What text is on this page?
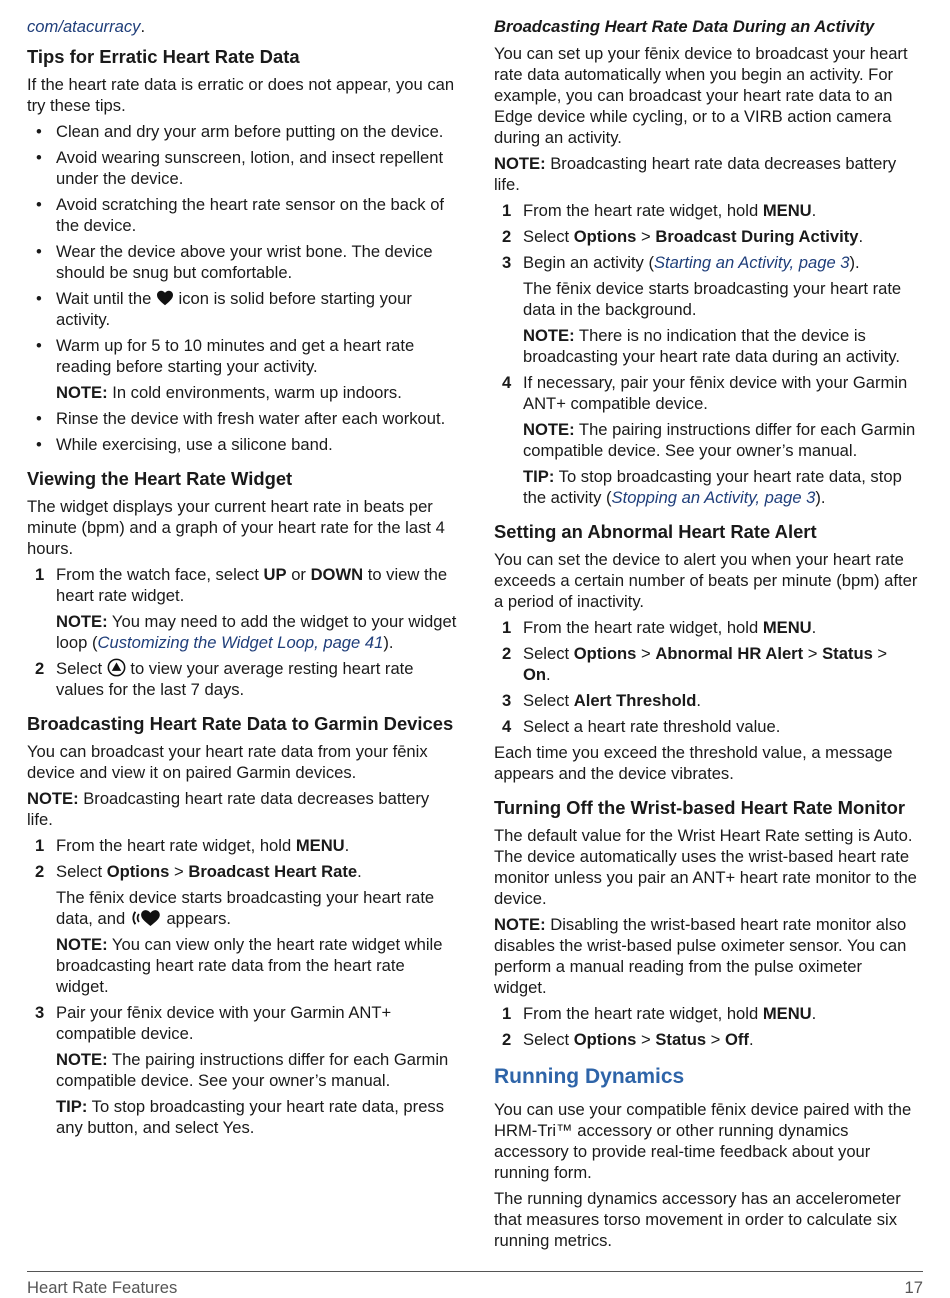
com/atacurracy.

Tips for Erratic Heart Rate Data

If the heart rate data is erratic or does not appear, you can try these tips.

• Clean and dry your arm before putting on the device.
• Avoid wearing sunscreen, lotion, and insect repellent under the device.
• Avoid scratching the heart rate sensor on the back of the device.
• Wear the device above your wrist bone. The device should be snug but comfortable.
• Wait until the  icon is solid before starting your activity.
• Warm up for 5 to 10 minutes and get a heart rate reading before starting your activity.
NOTE: In cold environments, warm up indoors.
• Rinse the device with fresh water after each workout.
• While exercising, use a silicone band.
Viewing the Heart Rate Widget

The widget displays your current heart rate in beats per minute (bpm) and a graph of your heart rate for the last 4 hours.

1 From the watch face, select UP or DOWN to view the heart rate widget.
NOTE: You may need to add the widget to your widget loop (Customizing the Widget Loop, page 41).
2 Select  to view your average resting heart rate values for the last 7 days.
Broadcasting Heart Rate Data to Garmin Devices

You can broadcast your heart rate data from your fēnix device and view it on paired Garmin devices.

NOTE: Broadcasting heart rate data decreases battery life.

1 From the heart rate widget, hold MENU.
2 Select Options > Broadcast Heart Rate.
The fēnix device starts broadcasting your heart rate data, and  appears.
NOTE: You can view only the heart rate widget while broadcasting heart rate data from the heart rate widget.
3 Pair your fēnix device with your Garmin ANT+ compatible device.
NOTE: The pairing instructions differ for each Garmin compatible device. See your owner’s manual.
TIP: To stop broadcasting your heart rate data, press any button, and select Yes.
Broadcasting Heart Rate Data During an Activity

You can set up your fēnix device to broadcast your heart rate data automatically when you begin an activity. For example, you can broadcast your heart rate data to an Edge device while cycling, or to a VIRB action camera during an activity.

NOTE: Broadcasting heart rate data decreases battery life.

1 From the heart rate widget, hold MENU.
2 Select Options > Broadcast During Activity.
3 Begin an activity (Starting an Activity, page 3).
The fēnix device starts broadcasting your heart rate data in the background.
NOTE: There is no indication that the device is broadcasting your heart rate data during an activity.
4 If necessary, pair your fēnix device with your Garmin ANT+ compatible device.
NOTE: The pairing instructions differ for each Garmin compatible device. See your owner’s manual.
TIP: To stop broadcasting your heart rate data, stop the activity (Stopping an Activity, page 3).
Setting an Abnormal Heart Rate Alert

You can set the device to alert you when your heart rate exceeds a certain number of beats per minute (bpm) after a period of inactivity.

1 From the heart rate widget, hold MENU.
2 Select Options > Abnormal HR Alert > Status > On.
3 Select Alert Threshold.
4 Select a heart rate threshold value.

Each time you exceed the threshold value, a message appears and the device vibrates.

Turning Off the Wrist-based Heart Rate Monitor

The default value for the Wrist Heart Rate setting is Auto. The device automatically uses the wrist-based heart rate monitor unless you pair an ANT+ heart rate monitor to the device.

NOTE: Disabling the wrist-based heart rate monitor also disables the wrist-based pulse oximeter sensor. You can perform a manual reading from the pulse oximeter widget.

1 From the heart rate widget, hold MENU.
2 Select Options > Status > Off.
Running Dynamics

You can use your compatible fēnix device paired with the HRM-Tri™ accessory or other running dynamics accessory to provide real-time feedback about your running form.

The running dynamics accessory has an accelerometer that measures torso movement in order to calculate six running metrics.

Heart Rate Features	17
